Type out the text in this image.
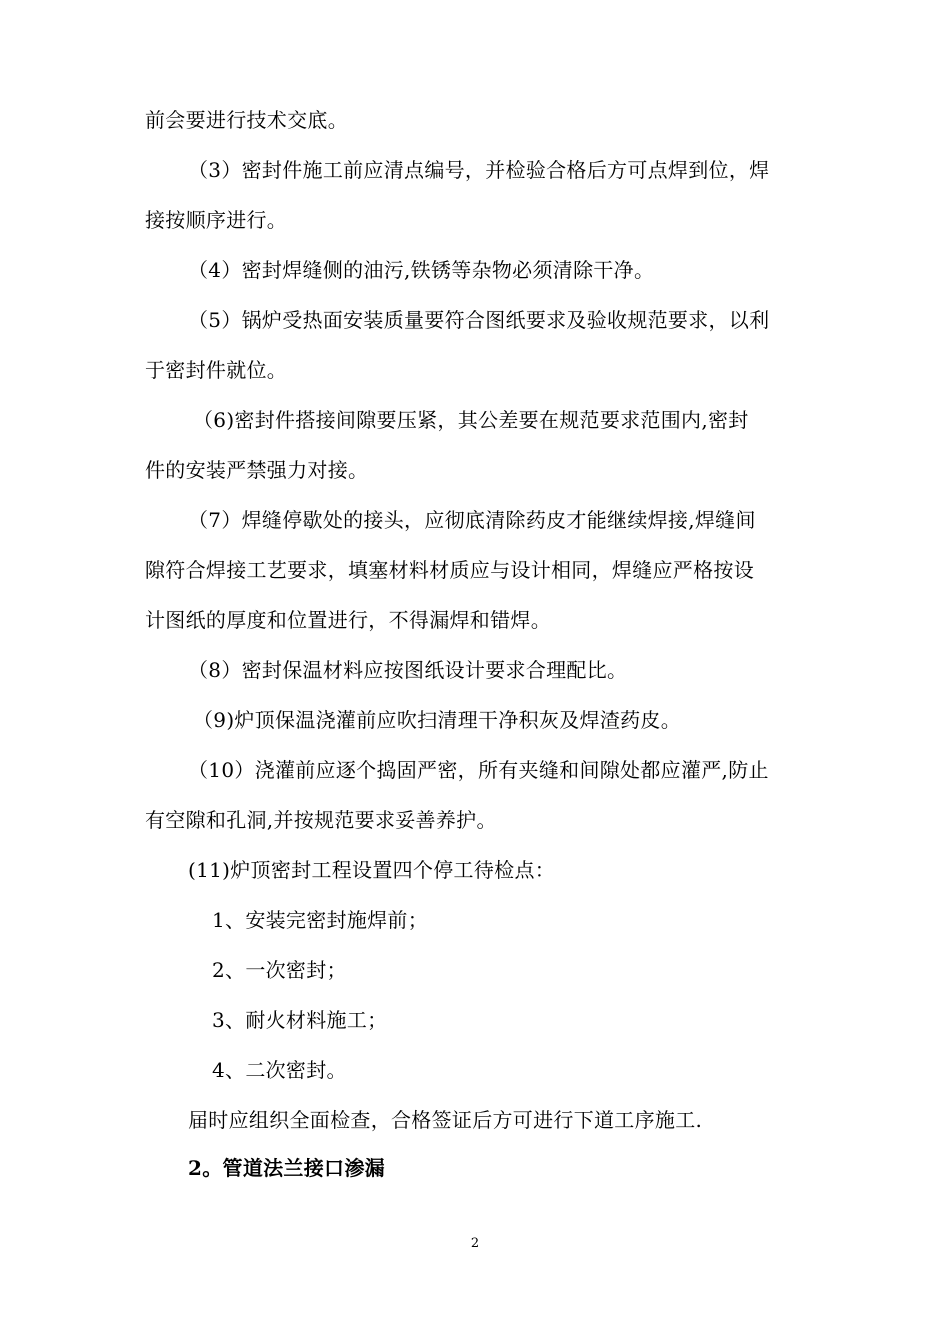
前会要进行技术交底。
（3）密封件施工前应清点编号，并检验合格后方可点焊到位，焊
接按顺序进行。
（4）密封焊缝侧的油污,铁锈等杂物必须清除干净。
（5）锅炉受热面安装质量要符合图纸要求及验收规范要求，以利
于密封件就位。
（6)密封件搭接间隙要压紧，其公差要在规范要求范围内,密封
件的安装严禁强力对接。
（7）焊缝停歇处的接头，应彻底清除药皮才能继续焊接,焊缝间
隙符合焊接工艺要求，填塞材料材质应与设计相同，焊缝应严格按设
计图纸的厚度和位置进行，不得漏焊和错焊。
（8）密封保温材料应按图纸设计要求合理配比。
（9)炉顶保温浇灌前应吹扫清理干净积灰及焊渣药皮。
（10）浇灌前应逐个捣固严密，所有夹缝和间隙处都应灌严,防止
有空隙和孔洞,并按规范要求妥善养护。
(11)炉顶密封工程设置四个停工待检点：
1、安装完密封施焊前；
2、一次密封；
3、耐火材料施工；
4、二次密封。
届时应组织全面检查，合格签证后方可进行下道工序施工.
2。管道法兰接口渗漏
2
